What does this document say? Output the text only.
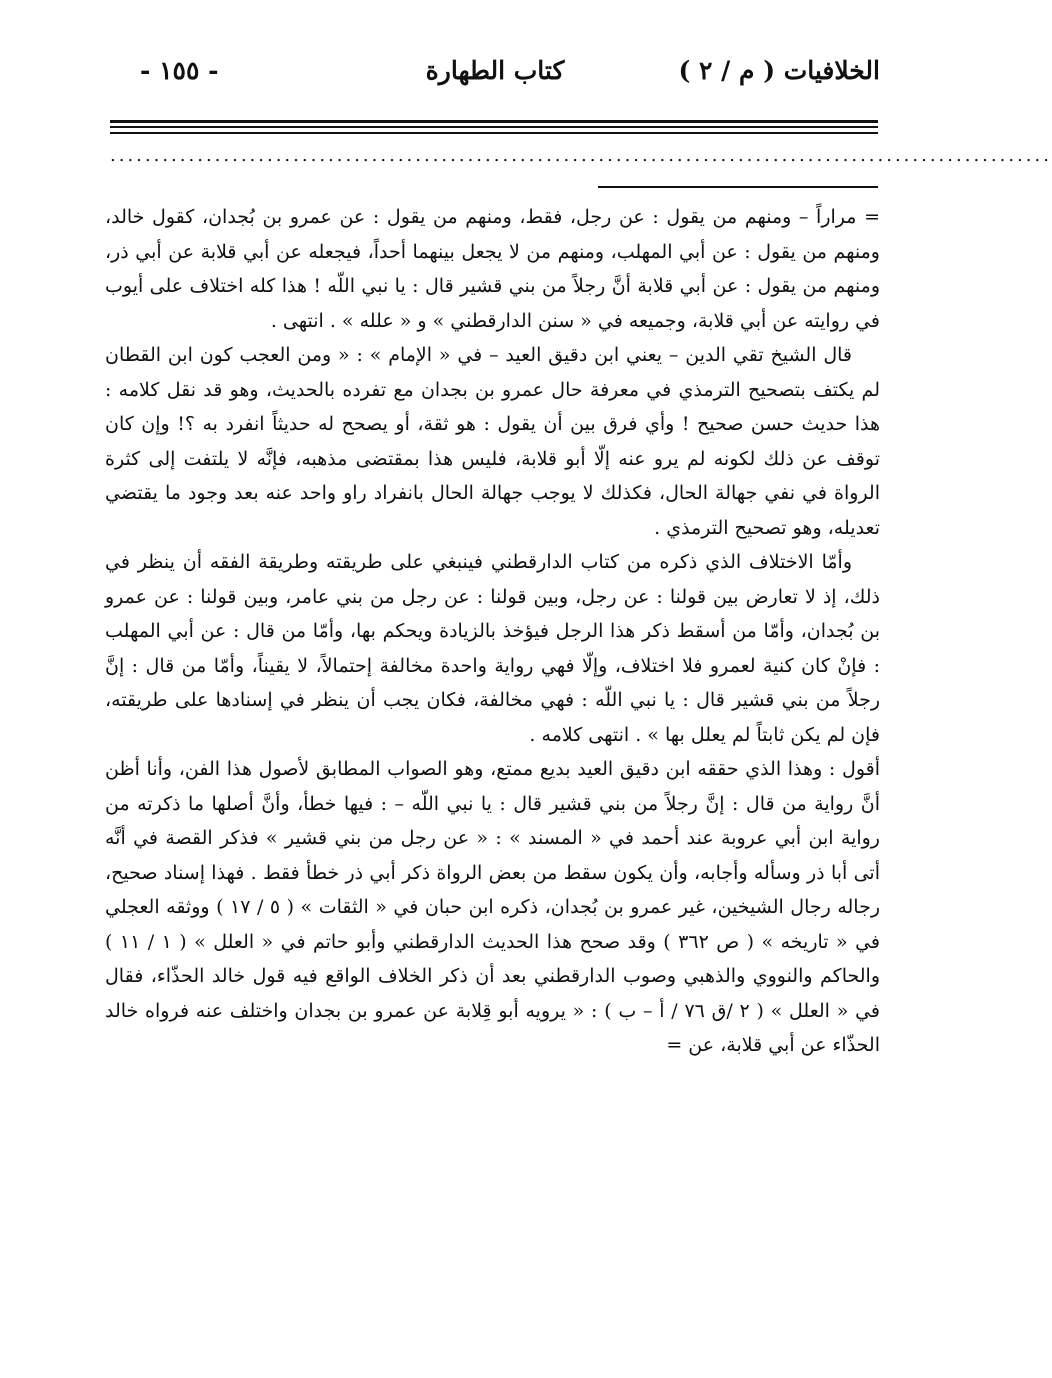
الخلافيات ( م / ٢ )
كتاب الطهارة
- ١٥٥ -
............................................................................................................

= مراراً – ومنهم من يقول : عن رجل، فقط، ومنهم من يقول : عن عمرو بن بُجدان، كقول خالد، ومنهم من يقول : عن أبي المهلب، ومنهم من لا يجعل بينهما أحداً، فيجعله عن أبي قلابة عن أبي ذر، ومنهم من يقول : عن أبي قلابة أنَّ رجلاً من بني قشير قال : يا نبي اللّه ! هذا كله اختلاف على أيوب في روايته عن أبي قلابة، وجميعه في « سنن الدارقطني » و « علله » . انتهى .

قال الشيخ تقي الدين – يعني ابن دقيق العيد – في « الإمام » : « ومن العجب كون ابن القطان لم يكتف بتصحيح الترمذي في معرفة حال عمرو بن بجدان مع تفرده بالحديث، وهو قد نقل كلامه : هذا حديث حسن صحيح ! وأي فرق بين أن يقول : هو ثقة، أو يصحح له حديثاً انفرد به ؟! وإن كان توقف عن ذلك لكونه لم يرو عنه إلّا أبو قلابة، فليس هذا بمقتضى مذهبه، فإنَّه لا يلتفت إلى كثرة الرواة في نفي جهالة الحال، فكذلك لا يوجب جهالة الحال بانفراد راو واحد عنه بعد وجود ما يقتضي تعديله، وهو تصحيح الترمذي .

وأمّا الاختلاف الذي ذكره من كتاب الدارقطني فينبغي على طريقته وطريقة الفقه أن ينظر في ذلك، إذ لا تعارض بين قولنا : عن رجل، وبين قولنا : عن رجل من بني عامر، وبين قولنا : عن عمرو بن بُجدان، وأمّا من أسقط ذكر هذا الرجل فيؤخذ بالزيادة ويحكم بها، وأمّا من قال : عن أبي المهلب : فإنْ كان كنية لعمرو فلا اختلاف، وإلّا فهي رواية واحدة مخالفة إحتمالاً، لا يقيناً، وأمّا من قال : إنَّ رجلاً من بني قشير قال : يا نبي اللّه : فهي مخالفة، فكان يجب أن ينظر في إسنادها على طريقته، فإن لم يكن ثابتاً لم يعلل بها » . انتهى كلامه .

أقول : وهذا الذي حققه ابن دقيق العيد بديع ممتع، وهو الصواب المطابق لأصول هذا الفن، وأنا أظن أنَّ رواية من قال : إنَّ رجلاً من بني قشير قال : يا نبي اللّه – : فيها خطأ، وأنَّ أصلها ما ذكرته من رواية ابن أبي عروبة عند أحمد في « المسند » : « عن رجل من بني قشير » فذكر القصة في أنَّه أتى أبا ذر وسأله وأجابه، وأن يكون سقط من بعض الرواة ذكر أبي ذر خطأ فقط . فهذا إسناد صحيح، رجاله رجال الشيخين، غير عمرو بن بُجدان، ذكره ابن حبان في « الثقات » ( ٥ / ١٧ ) ووثقه العجلي في « تاريخه » ( ص ٣٦٢ ) وقد صحح هذا الحديث الدارقطني وأبو حاتم في « العلل » ( ١ / ١١ ) والحاكم والنووي والذهبي وصوب الدارقطني بعد أن ذكر الخلاف الواقع فيه قول خالد الحذّاء، فقال في « العلل » ( ٢ /ق ٧٦ / أ – ب ) : « يرويه أبو قِلابة عن عمرو بن بجدان واختلف عنه فرواه خالد الحذّاء عن أبي قلابة، عن =
